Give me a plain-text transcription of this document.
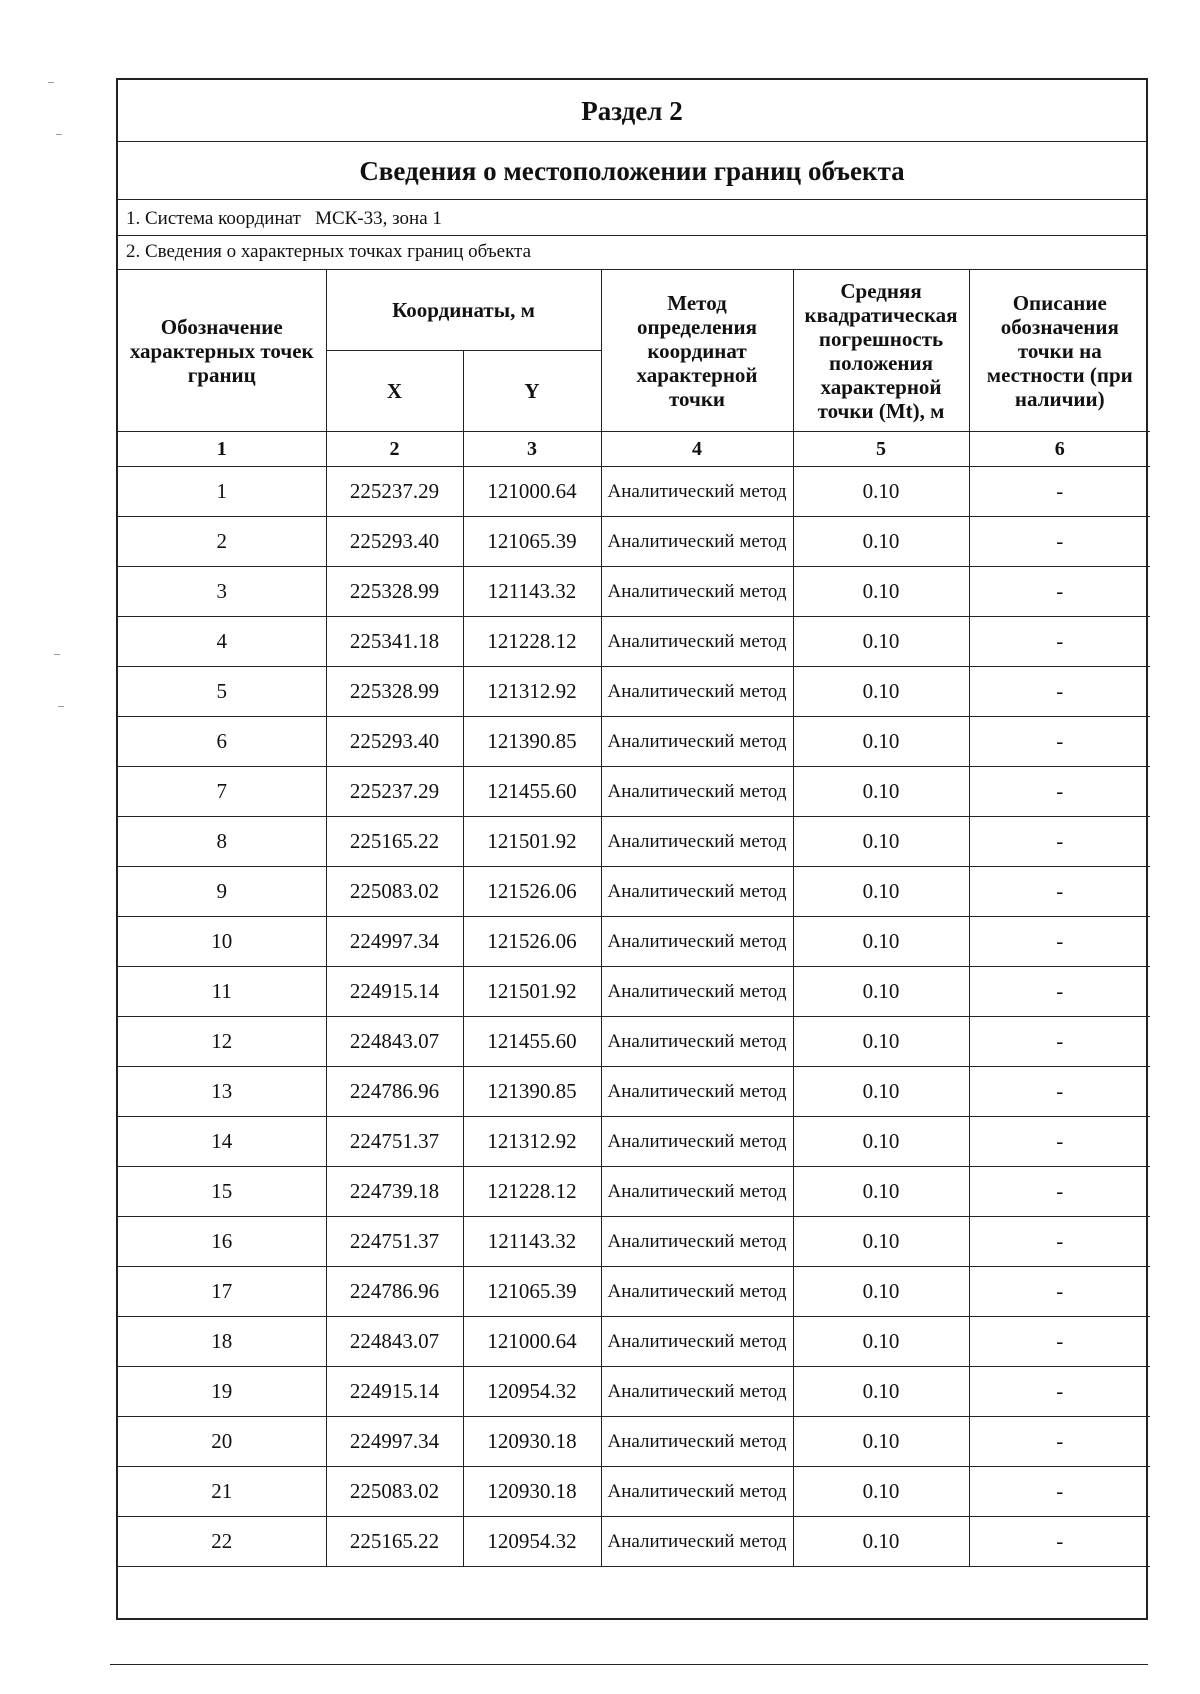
Раздел 2
Сведения о местоположении границ объекта
1. Система координат   МСК-33, зона 1
2. Сведения о характерных точках границ объекта
Обозначение характерных точек границ	Координаты, м		Метод определения координат характерной точки	Средняя квадратическая погрешность положения характерной точки (Mt), м	Описание обозначения точки на местности (при наличии)
	X	Y			
1	2	3	4	5	6
1	225237.29	121000.64	Аналитический метод	0.10	-
2	225293.40	121065.39	Аналитический метод	0.10	-
3	225328.99	121143.32	Аналитический метод	0.10	-
4	225341.18	121228.12	Аналитический метод	0.10	-
5	225328.99	121312.92	Аналитический метод	0.10	-
6	225293.40	121390.85	Аналитический метод	0.10	-
7	225237.29	121455.60	Аналитический метод	0.10	-
8	225165.22	121501.92	Аналитический метод	0.10	-
9	225083.02	121526.06	Аналитический метод	0.10	-
10	224997.34	121526.06	Аналитический метод	0.10	-
11	224915.14	121501.92	Аналитический метод	0.10	-
12	224843.07	121455.60	Аналитический метод	0.10	-
13	224786.96	121390.85	Аналитический метод	0.10	-
14	224751.37	121312.92	Аналитический метод	0.10	-
15	224739.18	121228.12	Аналитический метод	0.10	-
16	224751.37	121143.32	Аналитический метод	0.10	-
17	224786.96	121065.39	Аналитический метод	0.10	-
18	224843.07	121000.64	Аналитический метод	0.10	-
19	224915.14	120954.32	Аналитический метод	0.10	-
20	224997.34	120930.18	Аналитический метод	0.10	-
21	225083.02	120930.18	Аналитический метод	0.10	-
22	225165.22	120954.32	Аналитический метод	0.10	-
